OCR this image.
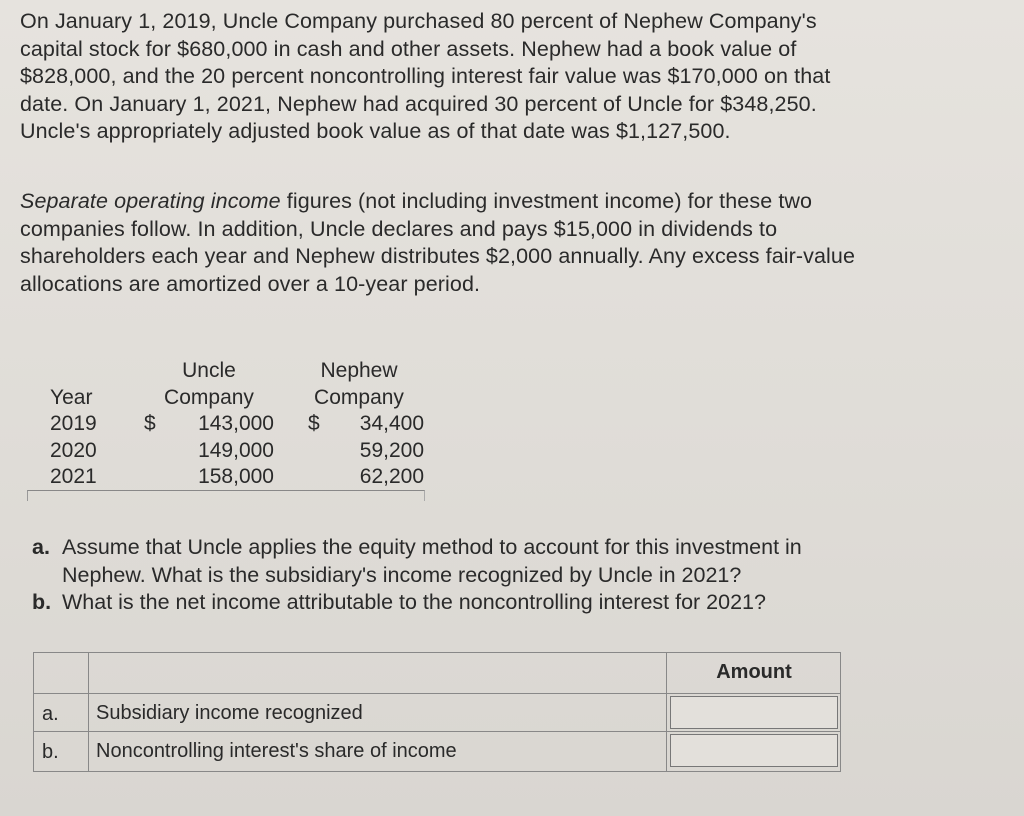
On January 1, 2019, Uncle Company purchased 80 percent of Nephew Company's
capital stock for $680,000 in cash and other assets. Nephew had a book value of
$828,000, and the 20 percent noncontrolling interest fair value was $170,000 on that
date. On January 1, 2021, Nephew had acquired 30 percent of Uncle for $348,250.
Uncle's appropriately adjusted book value as of that date was $1,127,500.
Separate operating income figures (not including investment income) for these two
companies follow. In addition, Uncle declares and pays $15,000 in dividends to
shareholders each year and Nephew distributes $2,000 annually. Any excess fair-value
allocations are amortized over a 10-year period.
Year
2019
2020
2021
Uncle
Company
$ 143,000
149,000
158,000
Nephew
Company
$ 34,400
59,200
62,200
a. Assume that Uncle applies the equity method to account for this investment in
Nephew. What is the subsidiary's income recognized by Uncle in 2021?
b. What is the net income attributable to the noncontrolling interest for 2021?
Amount
a. Subsidiary income recognized
b. Noncontrolling interest's share of income
